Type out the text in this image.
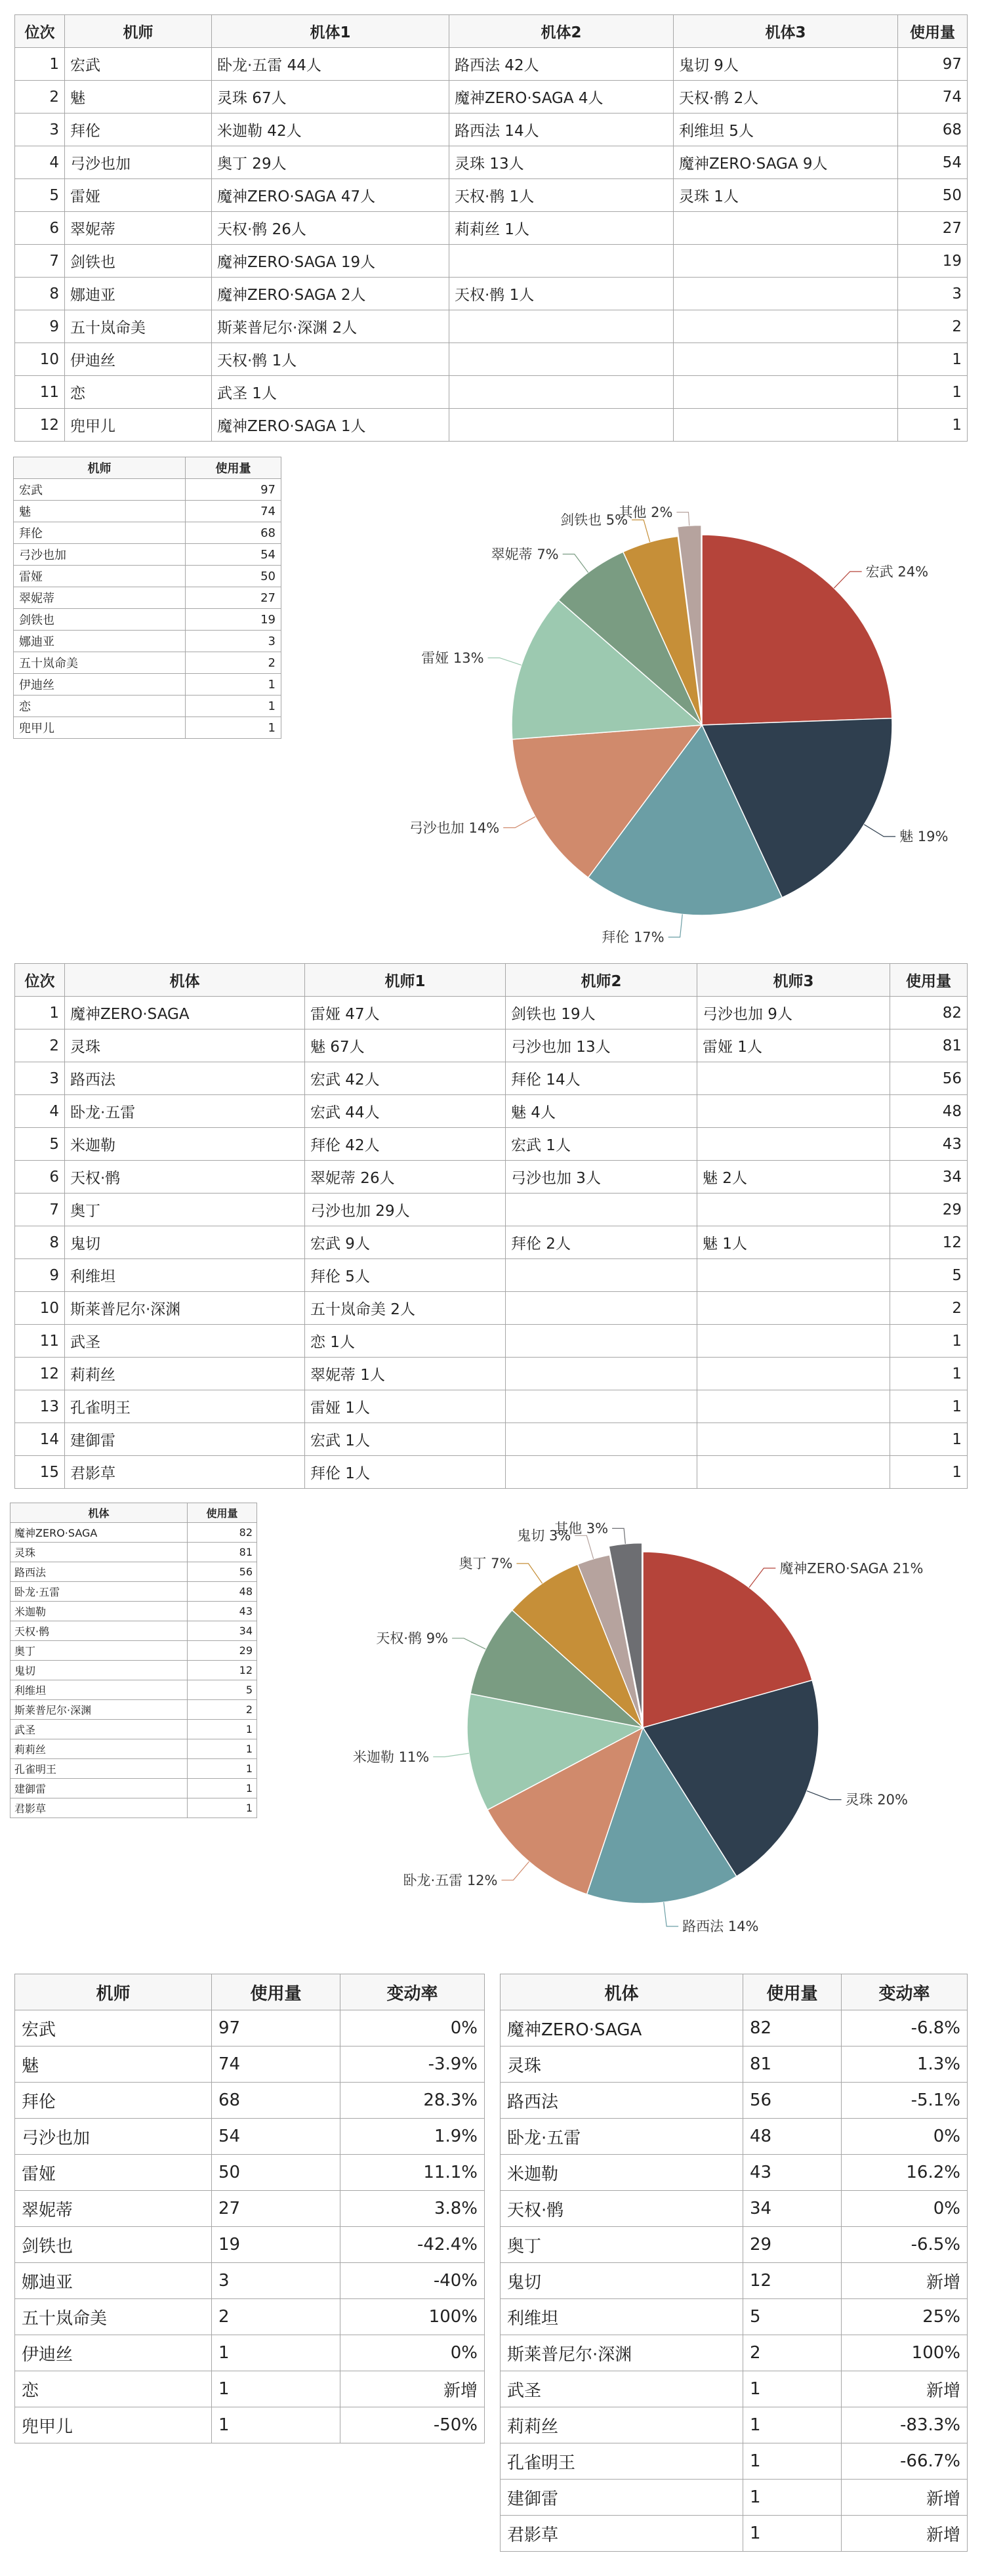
位次	机师	机体1	机体2	机体3	使用量
1	宏武	卧龙·五雷 44人	路西法 42人	鬼切 9人	97
2	魅	灵珠 67人	魔神ZERO·SAGA 4人	天权·鹘 2人	74
3	拜伦	米迦勒 42人	路西法 14人	利维坦 5人	68
4	弓沙也加	奥丁 29人	灵珠 13人	魔神ZERO·SAGA 9人	54
5	雷娅	魔神ZERO·SAGA 47人	天权·鹘 1人	灵珠 1人	50
6	翠妮蒂	天权·鹘 26人	莉莉丝 1人		27
7	剑铁也	魔神ZERO·SAGA 19人			19
8	娜迪亚	魔神ZERO·SAGA 2人	天权·鹘 1人		3
9	五十岚命美	斯莱普尼尔·深渊 2人			2
10	伊迪丝	天权·鹘 1人			1
11	恋	武圣 1人			1
12	兜甲儿	魔神ZERO·SAGA 1人			1
机师	使用量
宏武	97
魅	74
拜伦	68
弓沙也加	54
雷娅	50
翠妮蒂	27
剑铁也	19
娜迪亚	3
五十岚命美	2
伊迪丝	1
恋	1
兜甲儿	1
宏武 24%
魅 19%
拜伦 17%
弓沙也加 14%
雷娅 13%
翠妮蒂 7%
剑铁也 5%
其他 2%
位次	机体	机师1	机师2	机师3	使用量
1	魔神ZERO·SAGA	雷娅 47人	剑铁也 19人	弓沙也加 9人	82
2	灵珠	魅 67人	弓沙也加 13人	雷娅 1人	81
3	路西法	宏武 42人	拜伦 14人		56
4	卧龙·五雷	宏武 44人	魅 4人		48
5	米迦勒	拜伦 42人	宏武 1人		43
6	天权·鹘	翠妮蒂 26人	弓沙也加 3人	魅 2人	34
7	奥丁	弓沙也加 29人			29
8	鬼切	宏武 9人	拜伦 2人	魅 1人	12
9	利维坦	拜伦 5人			5
10	斯莱普尼尔·深渊	五十岚命美 2人			2
11	武圣	恋 1人			1
12	莉莉丝	翠妮蒂 1人			1
13	孔雀明王	雷娅 1人			1
14	建御雷	宏武 1人			1
15	君影草	拜伦 1人			1
机体	使用量
魔神ZERO·SAGA	82
灵珠	81
路西法	56
卧龙·五雷	48
米迦勒	43
天权·鹘	34
奥丁	29
鬼切	12
利维坦	5
斯莱普尼尔·深渊	2
武圣	1
莉莉丝	1
孔雀明王	1
建御雷	1
君影草	1
魔神ZERO·SAGA 21%
灵珠 20%
路西法 14%
卧龙·五雷 12%
米迦勒 11%
天权·鹘 9%
奥丁 7%
鬼切 3%
其他 3%
机师	使用量	变动率
宏武	97	0%
魅	74	-3.9%
拜伦	68	28.3%
弓沙也加	54	1.9%
雷娅	50	11.1%
翠妮蒂	27	3.8%
剑铁也	19	-42.4%
娜迪亚	3	-40%
五十岚命美	2	100%
伊迪丝	1	0%
恋	1	新增
兜甲儿	1	-50%
机体	使用量	变动率
魔神ZERO·SAGA	82	-6.8%
灵珠	81	1.3%
路西法	56	-5.1%
卧龙·五雷	48	0%
米迦勒	43	16.2%
天权·鹘	34	0%
奥丁	29	-6.5%
鬼切	12	新增
利维坦	5	25%
斯莱普尼尔·深渊	2	100%
武圣	1	新增
莉莉丝	1	-83.3%
孔雀明王	1	-66.7%
建御雷	1	新增
君影草	1	新增
